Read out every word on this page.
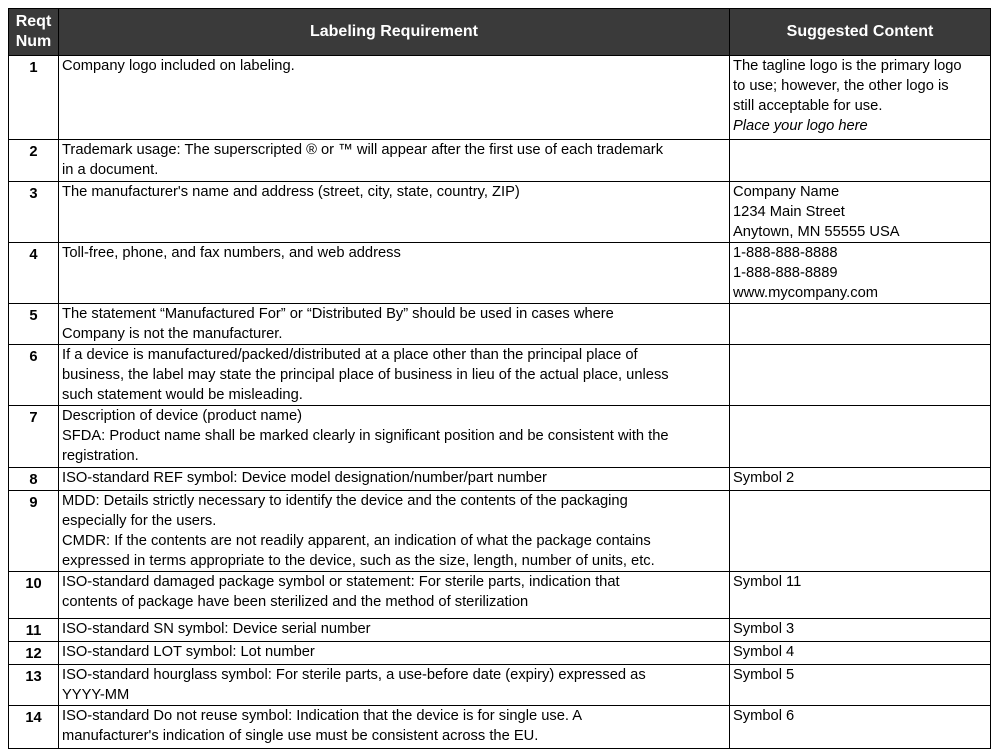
Reqt
Num	Labeling Requirement	Suggested Content
1	Company logo included on labeling.	The tagline logo is the primary logo
to use; however, the other logo is
still acceptable for use.
Place your logo here

2	Trademark usage: The superscripted ® or ™ will appear after the first use of each trademark
in a document.	

3	The manufacturer's name and address (street, city, state, country, ZIP)	Company Name
1234 Main Street
Anytown, MN 55555 USA

4	Toll-free, phone, and fax numbers, and web address	1-888-888-8888
1-888-888-8889
www.mycompany.com

5	The statement “Manufactured For” or “Distributed By” should be used in cases where
Company is not the manufacturer.	

6	If a device is manufactured/packed/distributed at a place other than the principal place of
business, the label may state the principal place of business in lieu of the actual place, unless
such statement would be misleading.	

7	Description of device (product name)
SFDA: Product name shall be marked clearly in significant position and be consistent with the
registration.	

8	ISO-standard REF symbol: Device model designation/number/part number	Symbol 2

9	MDD: Details strictly necessary to identify the device and the contents of the packaging
especially for the users.
CMDR: If the contents are not readily apparent, an indication of what the package contains
expressed in terms appropriate to the device, such as the size, length, number of units, etc.	

10	ISO-standard damaged package symbol or statement: For sterile parts, indication that
contents of package have been sterilized and the method of sterilization	Symbol 11

11	ISO-standard SN symbol: Device serial number	Symbol 3

12	ISO-standard LOT symbol: Lot number	Symbol 4

13	ISO-standard hourglass symbol: For sterile parts, a use-before date (expiry) expressed as
YYYY-MM	Symbol 5

14	ISO-standard Do not reuse symbol: Indication that the device is for single use. A
manufacturer's indication of single use must be consistent across the EU.	Symbol 6
